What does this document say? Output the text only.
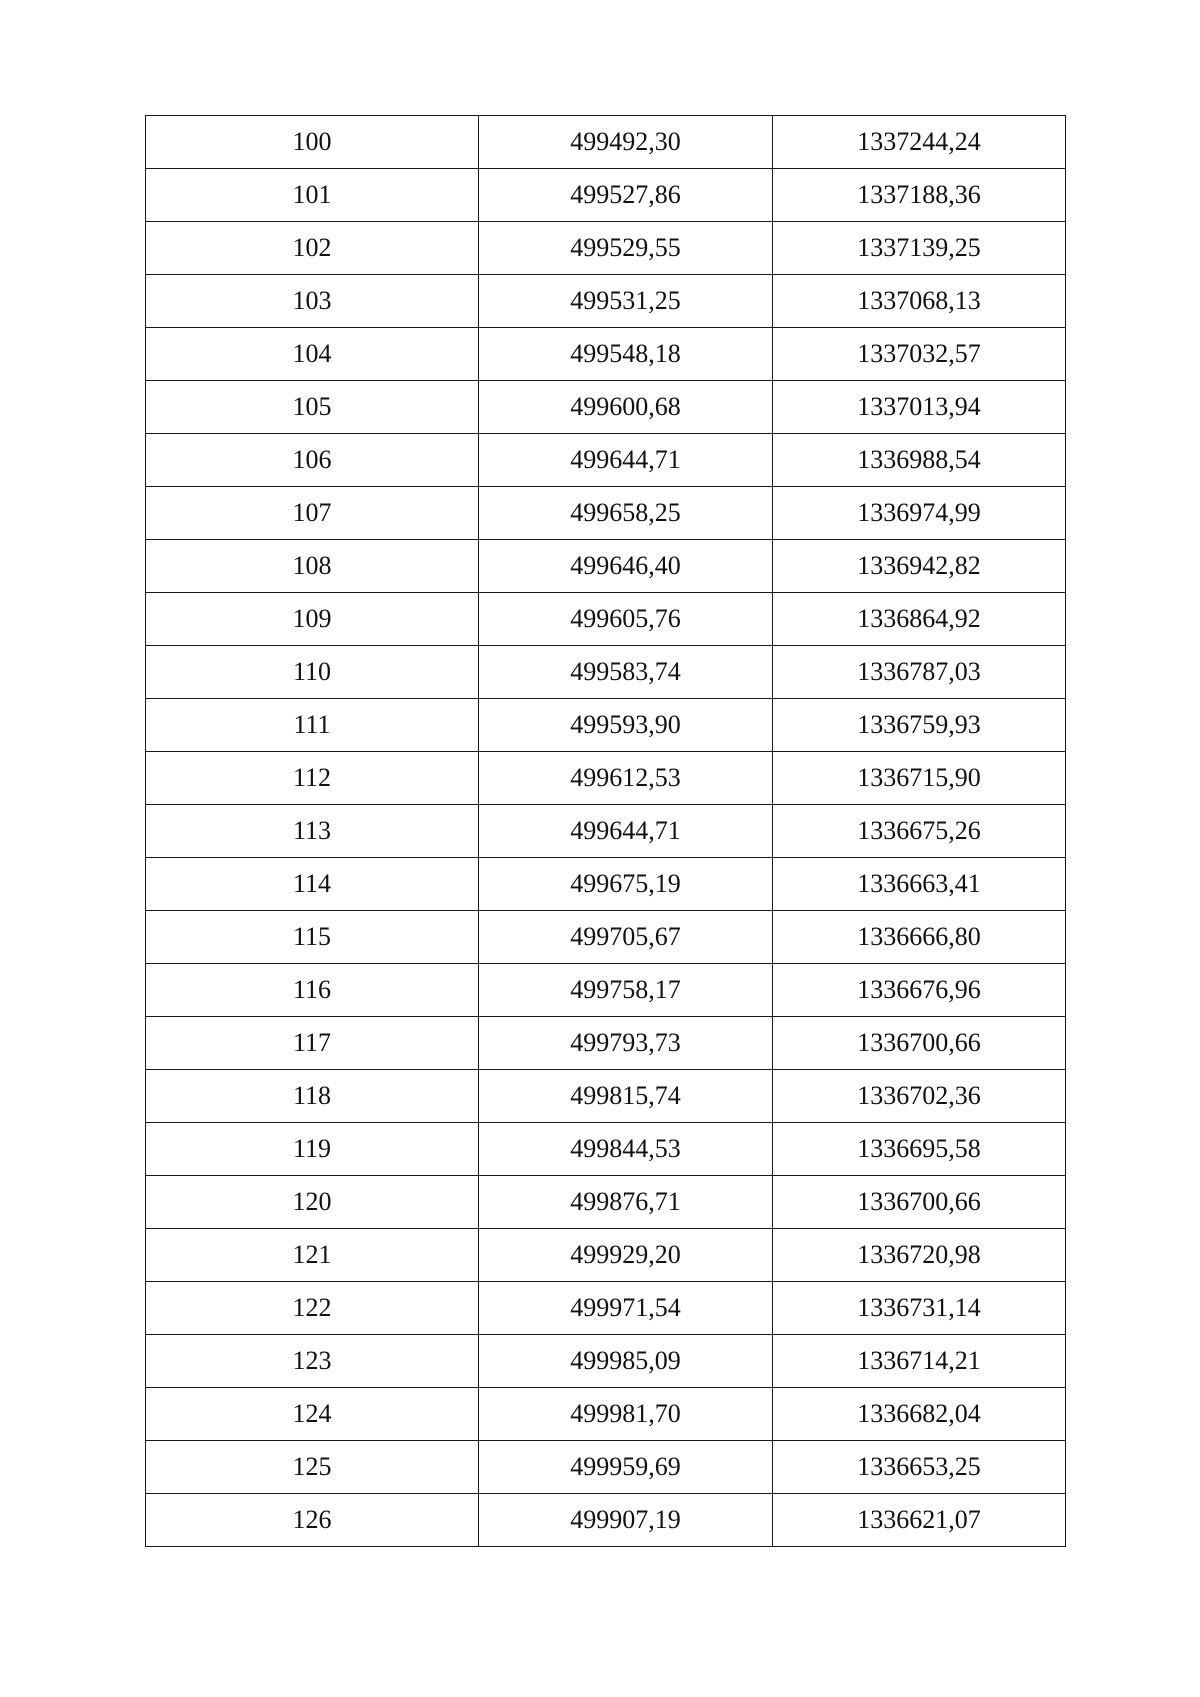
100	499492,30	1337244,24
101	499527,86	1337188,36
102	499529,55	1337139,25
103	499531,25	1337068,13
104	499548,18	1337032,57
105	499600,68	1337013,94
106	499644,71	1336988,54
107	499658,25	1336974,99
108	499646,40	1336942,82
109	499605,76	1336864,92
110	499583,74	1336787,03
111	499593,90	1336759,93
112	499612,53	1336715,90
113	499644,71	1336675,26
114	499675,19	1336663,41
115	499705,67	1336666,80
116	499758,17	1336676,96
117	499793,73	1336700,66
118	499815,74	1336702,36
119	499844,53	1336695,58
120	499876,71	1336700,66
121	499929,20	1336720,98
122	499971,54	1336731,14
123	499985,09	1336714,21
124	499981,70	1336682,04
125	499959,69	1336653,25
126	499907,19	1336621,07
